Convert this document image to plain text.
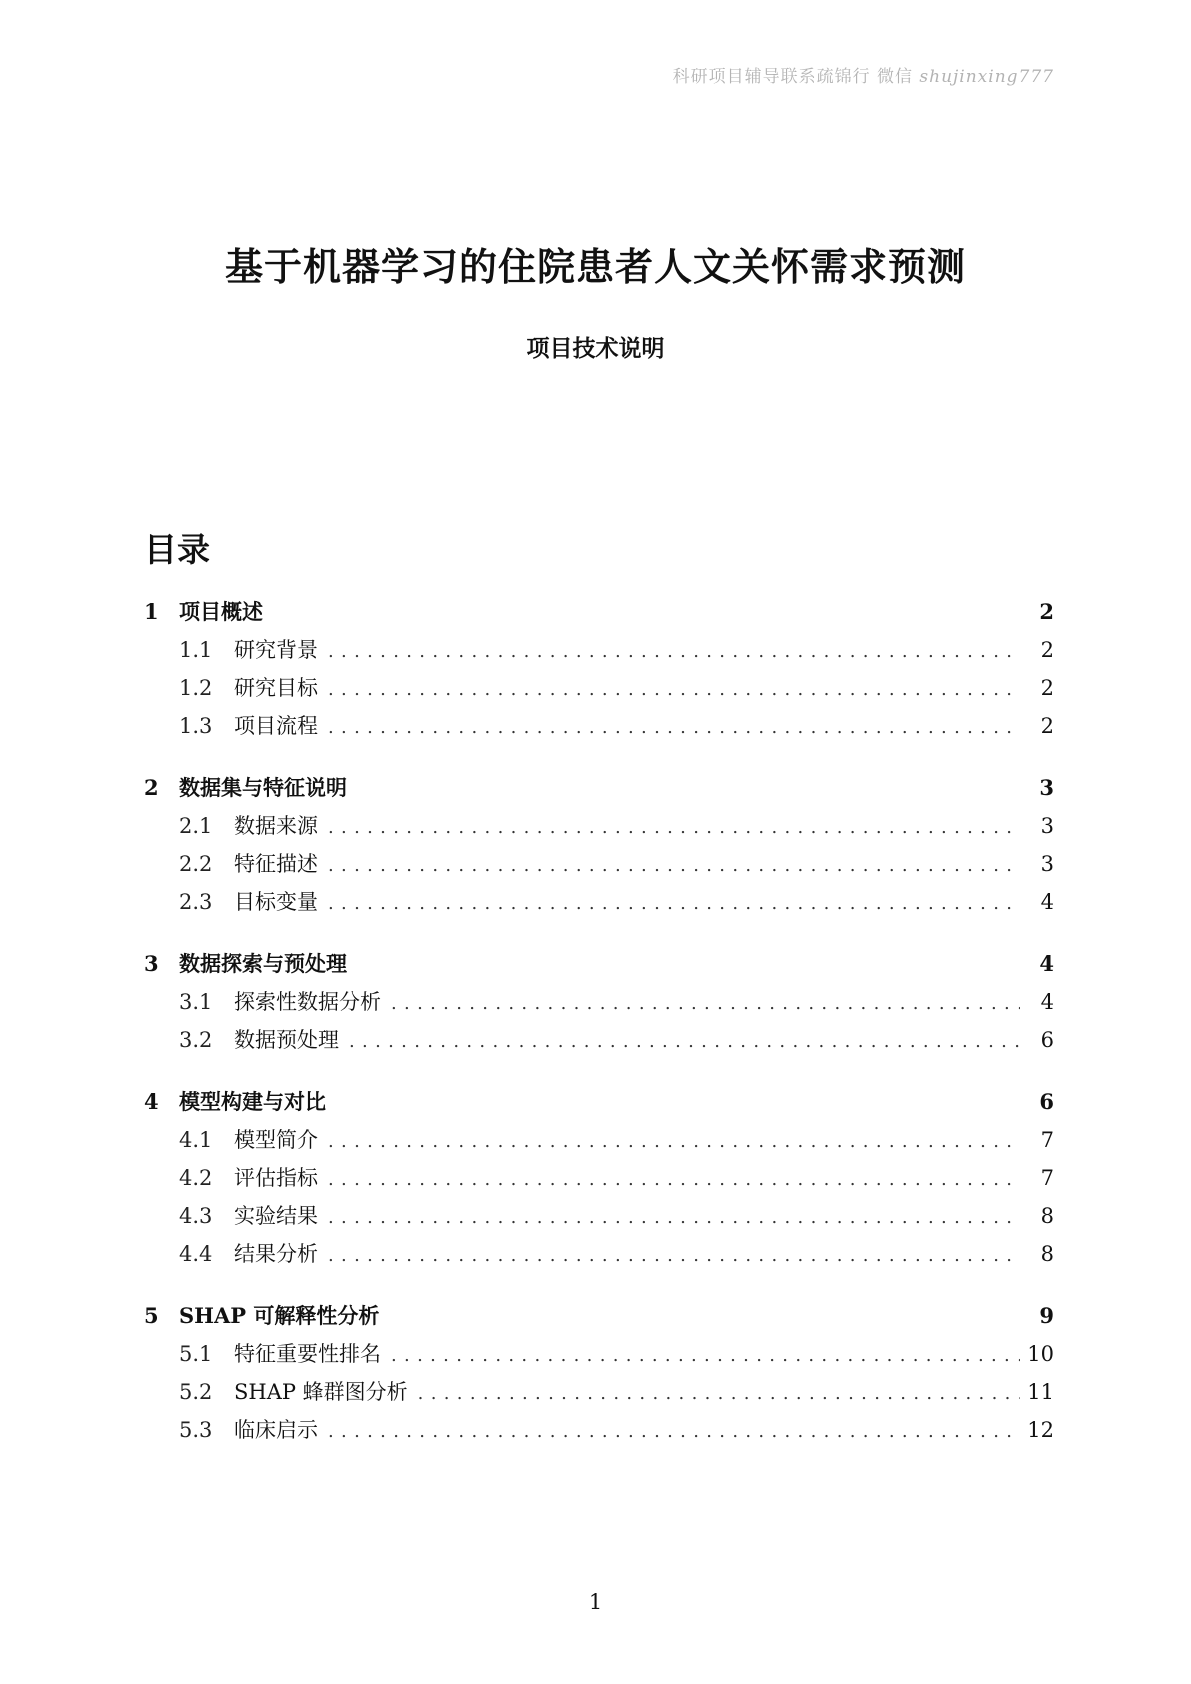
科研项目辅导联系疏锦行 微信 shujinxing777
基于机器学习的住院患者人文关怀需求预测
项目技术说明
目录
1 项目概述	2
1.1	研究背景 . . .	2
1.2	研究目标 . . .	2
1.3	项目流程 . . .	2
2 数据集与特征说明	3
2.1	数据来源 . . .	3
2.2	特征描述 . . .	3
2.3	目标变量 . . .	4
3 数据探索与预处理	4
3.1	探索性数据分析 . . .	4
3.2	数据预处理 . . .	6
4 模型构建与对比	6
4.1	模型简介 . . .	7
4.2	评估指标 . . .	7
4.3	实验结果 . . .	8
4.4	结果分析 . . .	8
5 SHAP 可解释性分析	9
5.1	特征重要性排名 . . .	10
5.2	SHAP 蜂群图分析 . . .	11
5.3	临床启示 . . .	12
1
